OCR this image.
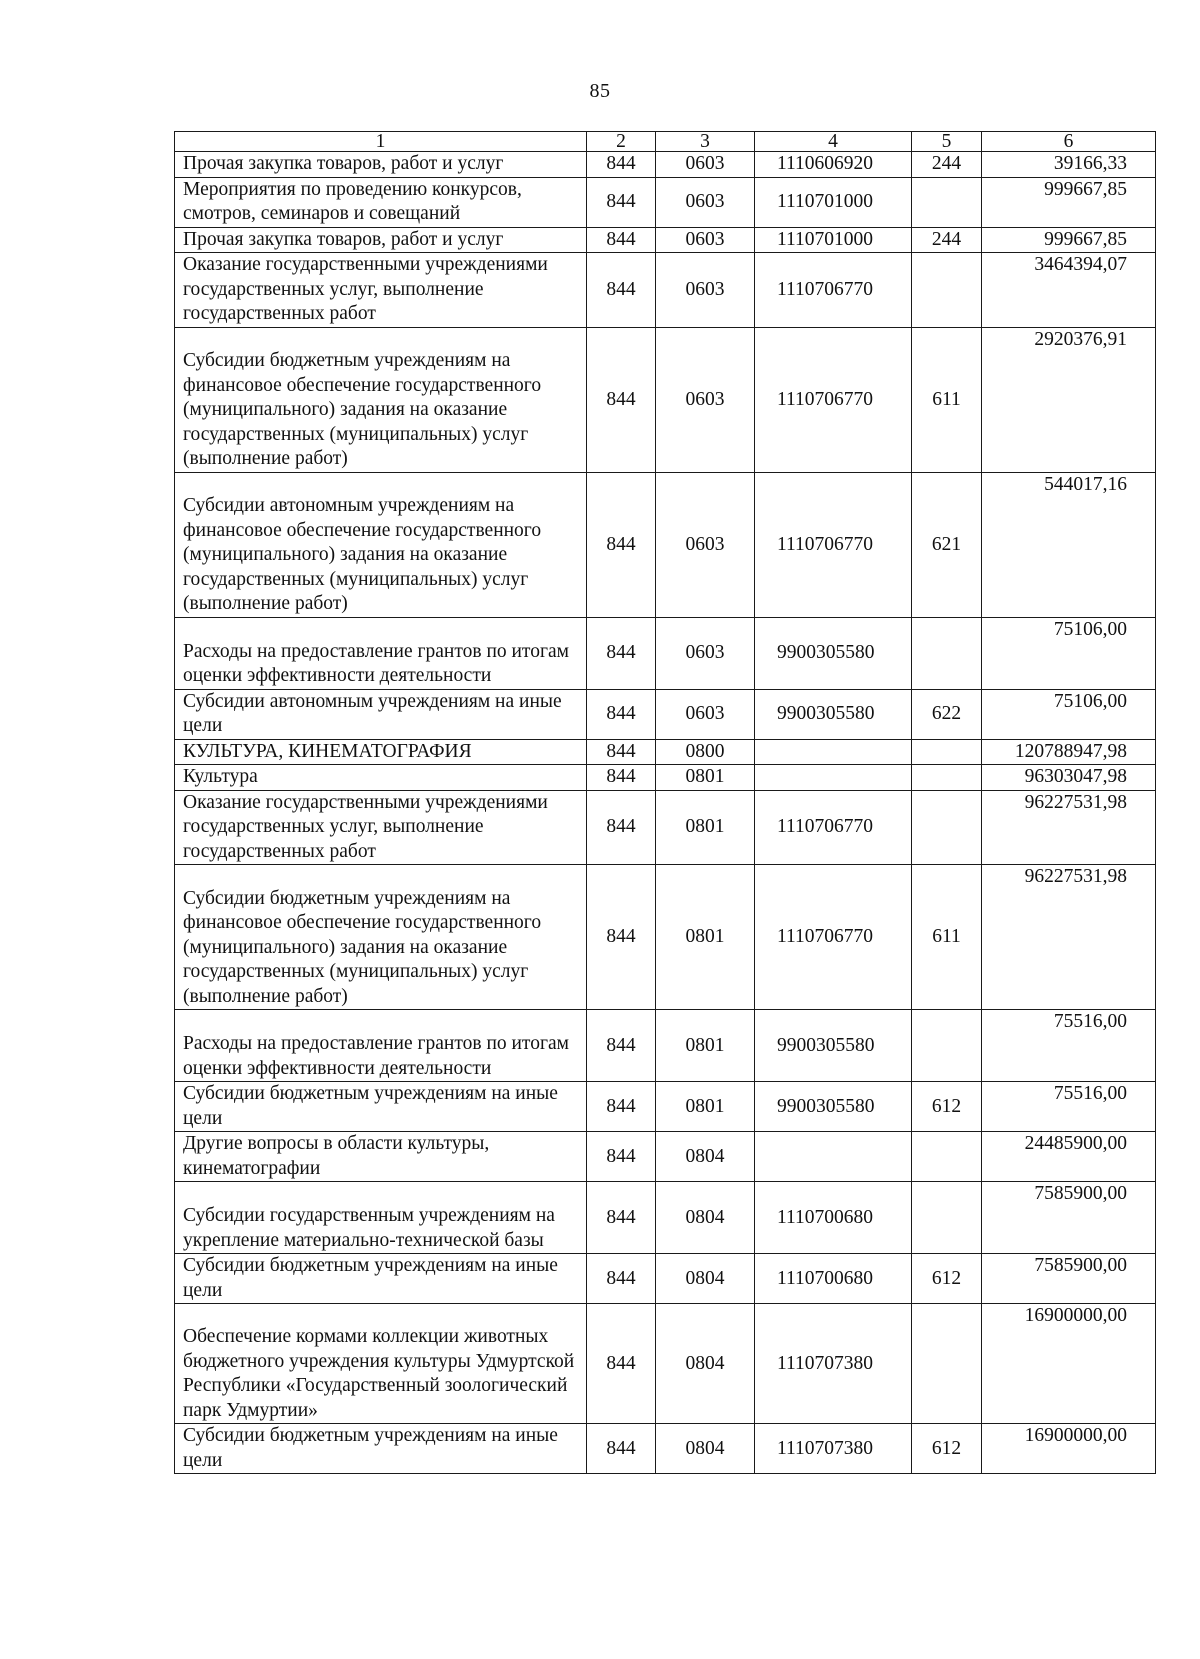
85
1	2	3	4	5	6
Прочая закупка товаров, работ и услуг	844	0603	1110606920	244	39166,33
Мероприятия по проведению конкурсов, смотров, семинаров и совещаний	844	0603	1110701000		999667,85
Прочая закупка товаров, работ и услуг	844	0603	1110701000	244	999667,85
Оказание государственными учреждениями государственных услуг, выполнение государственных работ	844	0603	1110706770		3464394,07
Субсидии бюджетным учреждениям на финансовое обеспечение государственного (муниципального) задания на оказание государственных (муниципальных) услуг (выполнение работ)	844	0603	1110706770	611	2920376,91
Субсидии автономным учреждениям на финансовое обеспечение государственного (муниципального) задания на оказание государственных (муниципальных) услуг (выполнение работ)	844	0603	1110706770	621	544017,16
Расходы на предоставление грантов по итогам оценки эффективности деятельности	844	0603	9900305580		75106,00
Субсидии автономным учреждениям на иные цели	844	0603	9900305580	622	75106,00
КУЛЬТУРА, КИНЕМАТОГРАФИЯ	844	0800			120788947,98
Культура	844	0801			96303047,98
Оказание государственными учреждениями государственных услуг, выполнение государственных работ	844	0801	1110706770		96227531,98
Субсидии бюджетным учреждениям на финансовое обеспечение государственного (муниципального) задания на оказание государственных (муниципальных) услуг (выполнение работ)	844	0801	1110706770	611	96227531,98
Расходы на предоставление грантов по итогам оценки эффективности деятельности	844	0801	9900305580		75516,00
Субсидии бюджетным учреждениям на иные цели	844	0801	9900305580	612	75516,00
Другие вопросы в области культуры, кинематографии	844	0804			24485900,00
Субсидии государственным учреждениям на укрепление материально-технической базы	844	0804	1110700680		7585900,00
Субсидии бюджетным учреждениям на иные цели	844	0804	1110700680	612	7585900,00
Обеспечение кормами коллекции животных бюджетного учреждения культуры Удмуртской Республики «Государственный зоологический парк Удмуртии»	844	0804	1110707380		16900000,00
Субсидии бюджетным учреждениям на иные цели	844	0804	1110707380	612	16900000,00
